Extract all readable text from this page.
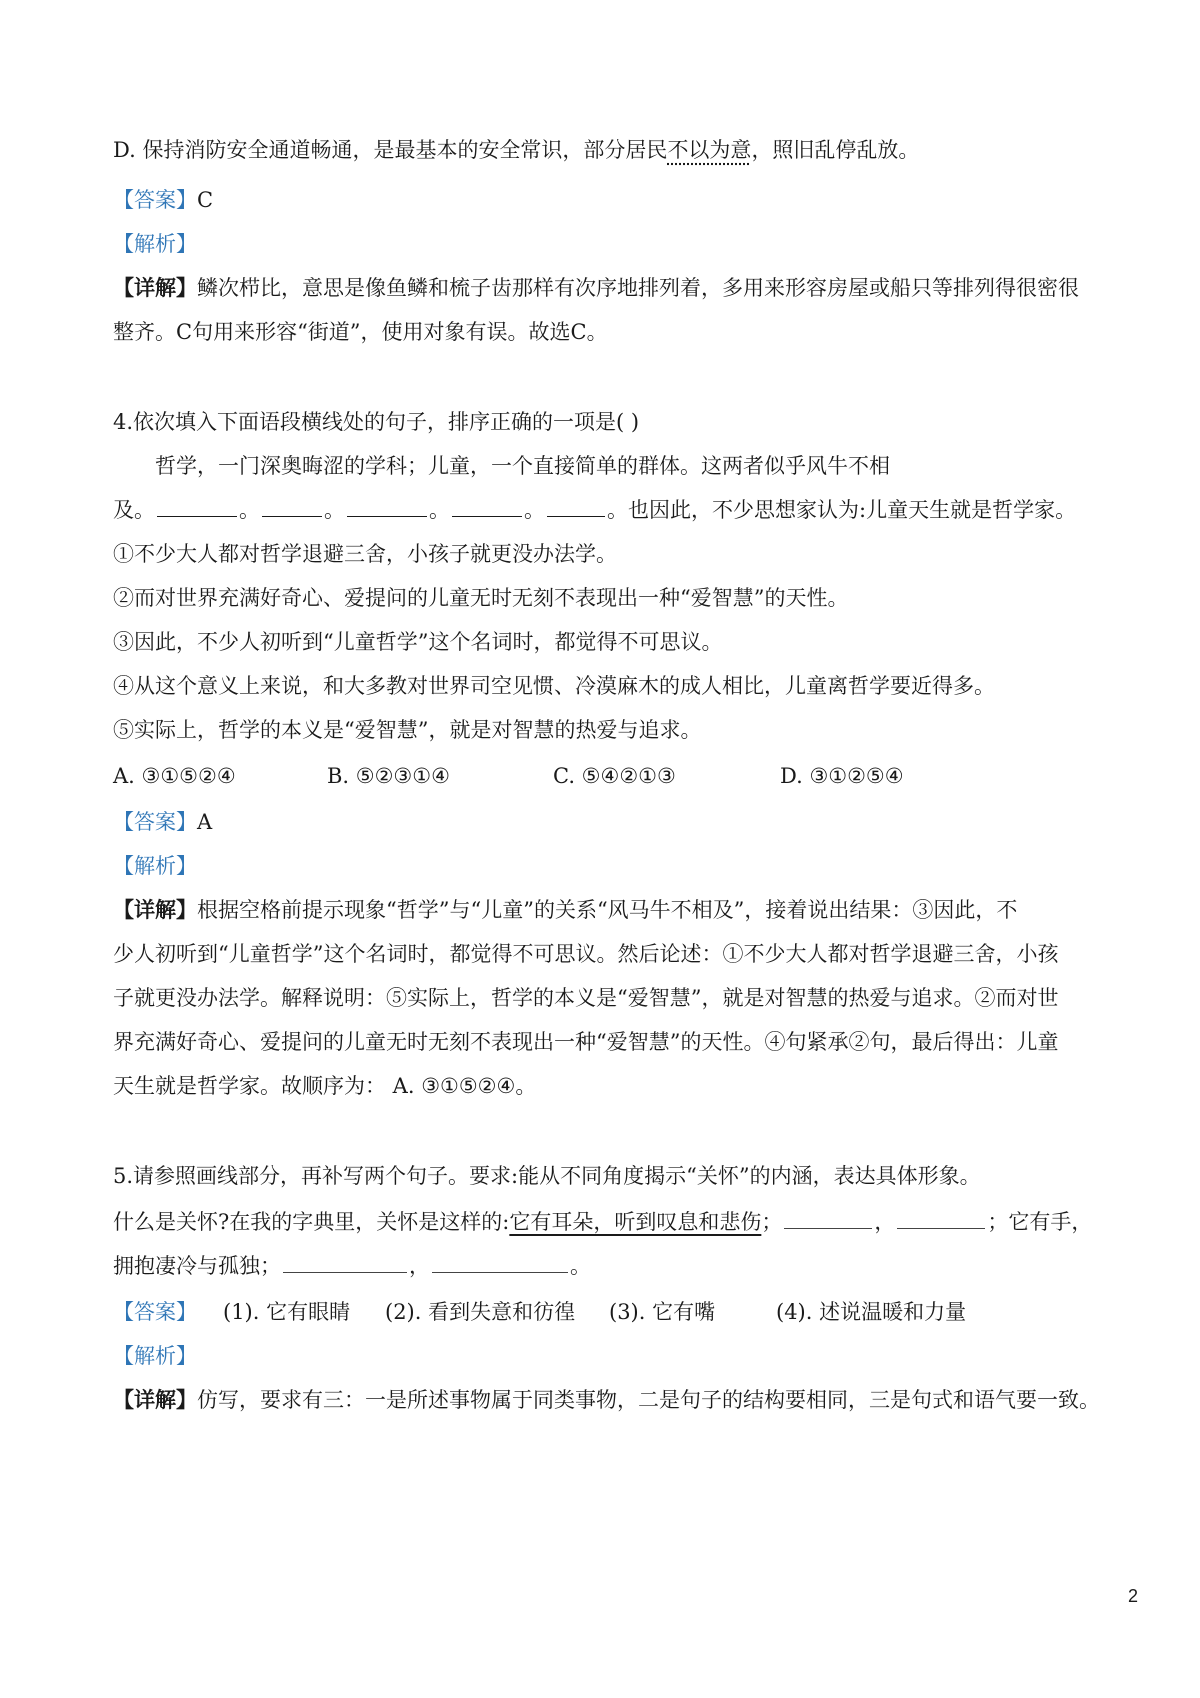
D. 保持消防安全通道畅通，是最基本的安全常识，部分居民不以为意，照旧乱停乱放。
【答案】C
【解析】
【详解】鳞次栉比，意思是像鱼鳞和梳子齿那样有次序地排列着，多用来形容房屋或船只等排列得很密很
整齐。C句用来形容“街道”，使用对象有误。故选C。
4.依次填入下面语段横线处的句子，排序正确的一项是( )
哲学，一门深奥晦涩的学科；儿童，一个直接简单的群体。这两者似乎风牛不相
及。	。	。	。	。	。也因此，不少思想家认为:儿童天生就是哲学家。
①不少大人都对哲学退避三舍，小孩子就更没办法学。
②而对世界充满好奇心、爱提问的儿童无时无刻不表现出一种“爱智慧”的天性。
③因此，不少人初听到“儿童哲学”这个名词时，都觉得不可思议。
④从这个意义上来说，和大多教对世界司空见惯、冷漠麻木的成人相比，儿童离哲学要近得多。
⑤实际上，哲学的本义是“爱智慧”，就是对智慧的热爱与追求。
A. ③①⑤②④	B. ⑤②③①④	C. ⑤④②①③	D. ③①②⑤④
【答案】A
【解析】
【详解】根据空格前提示现象“哲学”与“儿童”的关系“风马牛不相及”，接着说出结果：③因此，不
少人初听到“儿童哲学”这个名词时，都觉得不可思议。然后论述：①不少大人都对哲学退避三舍，小孩
子就更没办法学。解释说明：⑤实际上，哲学的本义是“爱智慧”，就是对智慧的热爱与追求。②而对世
界充满好奇心、爱提问的儿童无时无刻不表现出一种“爱智慧”的天性。④句紧承②句，最后得出：儿童
天生就是哲学家。故顺序为： A. ③①⑤②④。
5.请参照画线部分，再补写两个句子。要求:能从不同角度揭示“关怀”的内涵，表达具体形象。
什么是关怀?在我的字典里，关怀是这样的:它有耳朵，听到叹息和悲伤；	，	；它有手，
拥抱凄冷与孤独；	，	。
【答案】 (1). 它有眼睛 (2). 看到失意和彷徨 (3). 它有嘴	(4). 述说温暖和力量
【解析】
【详解】仿写，要求有三：一是所述事物属于同类事物，二是句子的结构要相同，三是句式和语气要一致。
2
